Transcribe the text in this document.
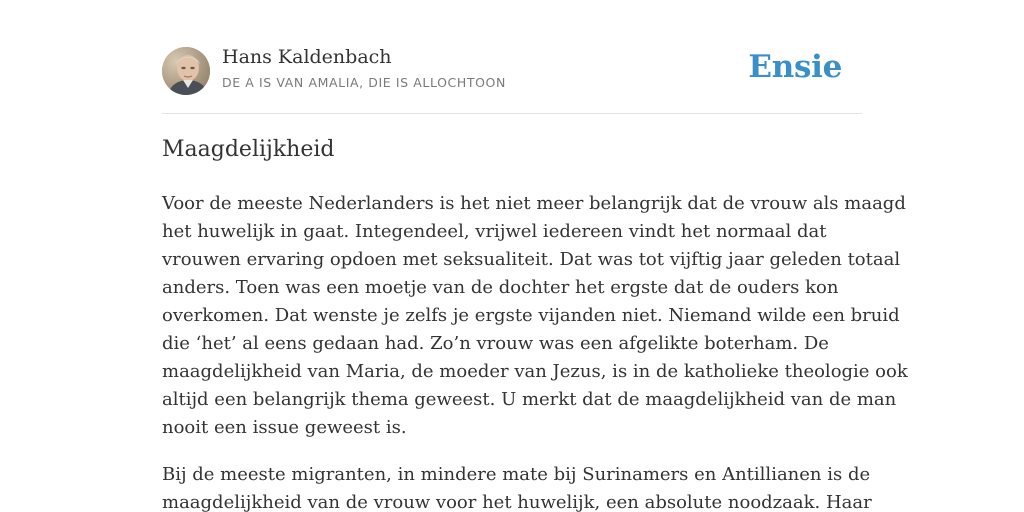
Hans Kaldenbach
DE A IS VAN AMALIA, DIE IS ALLOCHTOON	Ensie
Maagdelijkheid

Voor de meeste Nederlanders is het niet meer belangrijk dat de vrouw als maagd
het huwelijk in gaat. Integendeel, vrijwel iedereen vindt het normaal dat
vrouwen ervaring opdoen met seksualiteit. Dat was tot vijftig jaar geleden totaal
anders. Toen was een moetje van de dochter het ergste dat de ouders kon
overkomen. Dat wenste je zelfs je ergste vijanden niet. Niemand wilde een bruid
die ‘het’ al eens gedaan had. Zo’n vrouw was een afgelikte boterham. De
maagdelijkheid van Maria, de moeder van Jezus, is in de katholieke theologie ook
altijd een belangrijk thema geweest. U merkt dat de maagdelijkheid van de man
nooit een issue geweest is.

Bij de meeste migranten, in mindere mate bij Surinamers en Antillianen is de
maagdelijkheid van de vrouw voor het huwelijk, een absolute noodzaak. Haar
